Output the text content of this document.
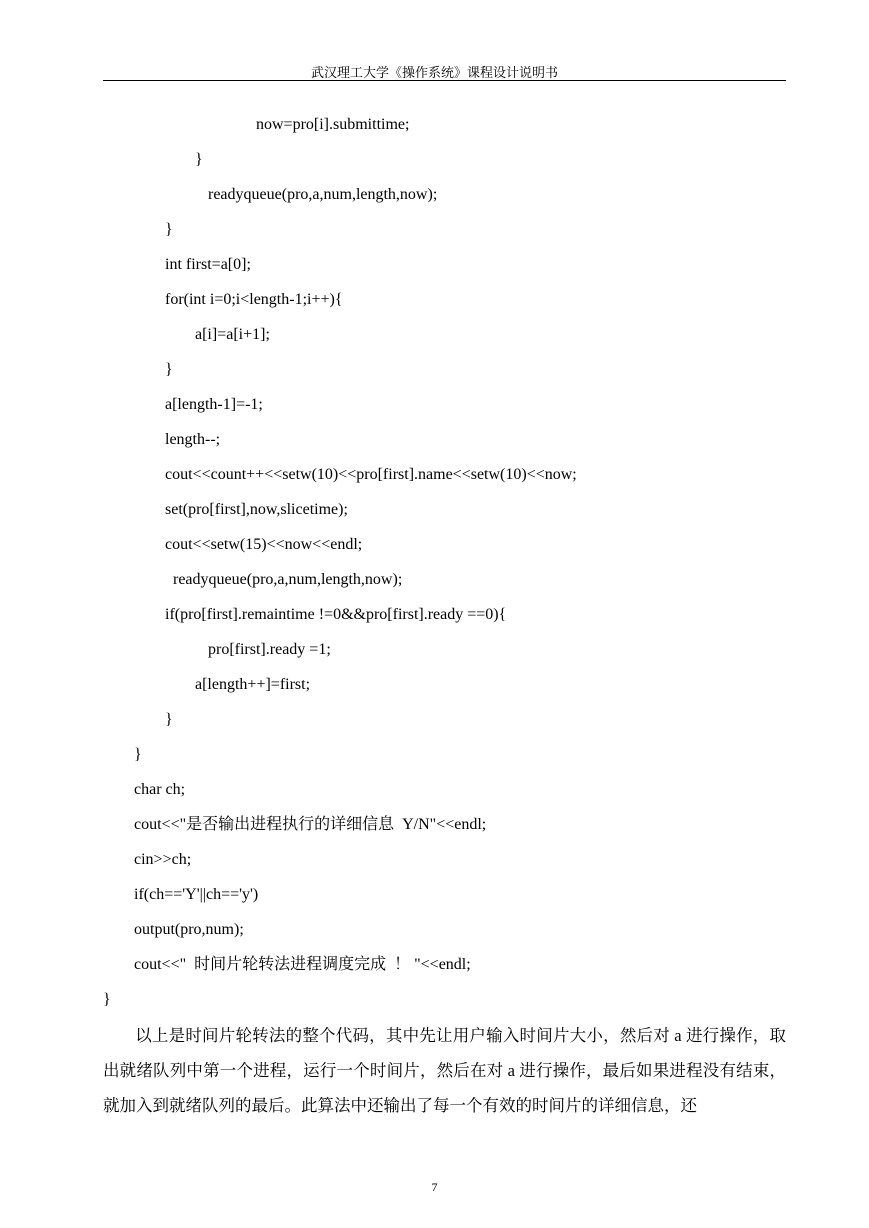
武汉理工大学《操作系统》课程设计说明书
now=pro[i].submittime;
}
readyqueue(pro,a,num,length,now);
}
int first=a[0];
for(int i=0;i<length-1;i++){
a[i]=a[i+1];
}
a[length-1]=-1;
length--;
cout<<count++<<setw(10)<<pro[first].name<<setw(10)<<now;
set(pro[first],now,slicetime);
cout<<setw(15)<<now<<endl;
readyqueue(pro,a,num,length,now);
if(pro[first].remaintime !=0&&pro[first].ready ==0){
pro[first].ready =1;
a[length++]=first;
}
}
char ch;
cout<<"是否输出进程执行的详细信息  Y/N"<<endl;
cin>>ch;
if(ch=='Y'||ch=='y')
output(pro,num);
cout<<"  时间片轮转法进程调度完成  ！ "<<endl;
}
以上是时间片轮转法的整个代码，其中先让用户输入时间片大小，然后对 a 进行操作，取出就绪队列中第一个进程，运行一个时间片，然后在对 a 进行操作，最后如果进程没有结束，就加入到就绪队列的最后。此算法中还输出了每一个有效的时间片的详细信息，还
7
